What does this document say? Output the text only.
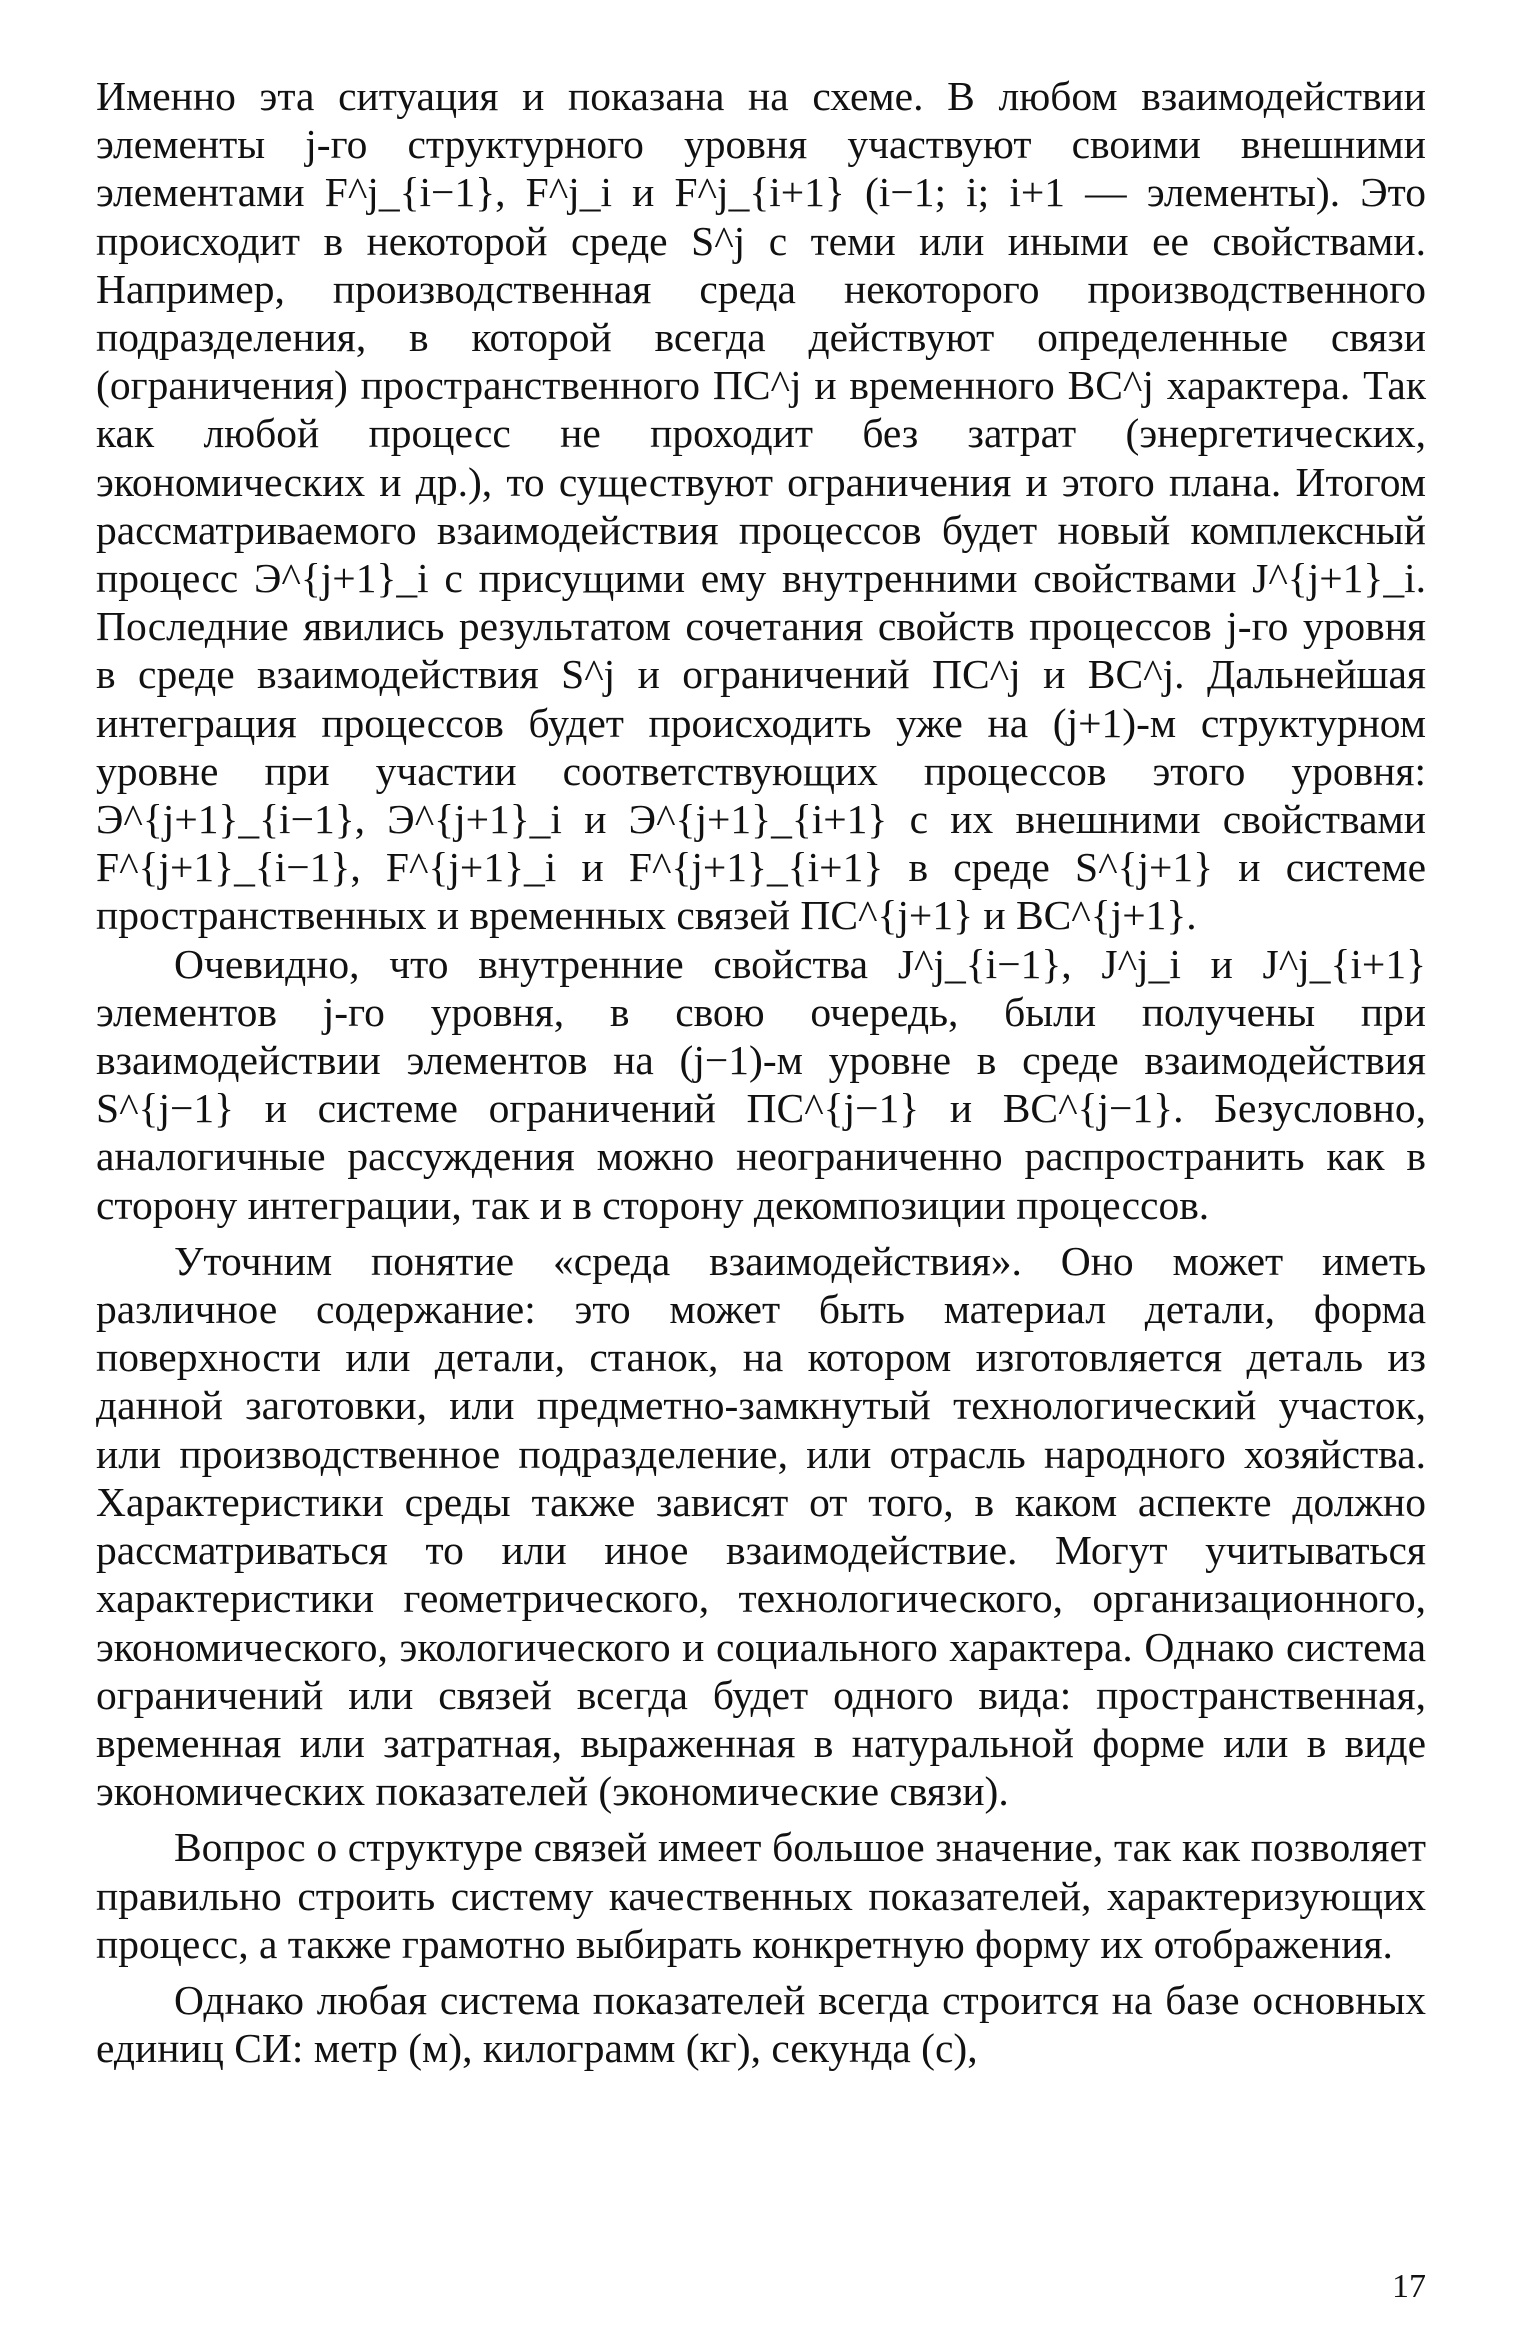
Именно эта ситуация и показана на схеме. В любом взаимодействии элементы j-го структурного уровня участвуют своими внешними элементами F^j_{i−1}, F^j_i и F^j_{i+1} (i−1; i; i+1 — элементы). Это происходит в некоторой среде S^j с теми или иными ее свойствами. Например, производственная среда некоторого производственного подразделения, в которой всегда действуют определенные связи (ограничения) пространственного ПС^j и временного ВС^j характера. Так как любой процесс не проходит без затрат (энергетических, экономических и др.), то существуют ограничения и этого плана. Итогом рассматриваемого взаимодействия процессов будет новый комплексный процесс Э^{j+1}_i с присущими ему внутренними свойствами J^{j+1}_i. Последние явились результатом сочетания свойств процессов j-го уровня в среде взаимодействия S^j и ограничений ПС^j и ВС^j. Дальнейшая интеграция процессов будет происходить уже на (j+1)-м структурном уровне при участии соответствующих процессов этого уровня: Э^{j+1}_{i−1}, Э^{j+1}_i и Э^{j+1}_{i+1} с их внешними свойствами F^{j+1}_{i−1}, F^{j+1}_i и F^{j+1}_{i+1} в среде S^{j+1} и системе пространственных и временных связей ПС^{j+1} и ВС^{j+1}.

Очевидно, что внутренние свойства J^j_{i−1}, J^j_i и J^j_{i+1} элементов j-го уровня, в свою очередь, были получены при взаимодействии элементов на (j−1)-м уровне в среде взаимодействия S^{j−1} и системе ограничений ПС^{j−1} и ВС^{j−1}. Безусловно, аналогичные рассуждения можно неограниченно распространить как в сторону интеграции, так и в сторону декомпозиции процессов.

Уточним понятие «среда взаимодействия». Оно может иметь различное содержание: это может быть материал детали, форма поверхности или детали, станок, на котором изготовляется деталь из данной заготовки, или предметно-замкнутый технологический участок, или производственное подразделение, или отрасль народного хозяйства. Характеристики среды также зависят от того, в каком аспекте должно рассматриваться то или иное взаимодействие. Могут учитываться характеристики геометрического, технологического, организационного, экономического, экологического и социального характера. Однако система ограничений или связей всегда будет одного вида: пространственная, временная или затратная, выраженная в натуральной форме или в виде экономических показателей (экономические связи).

Вопрос о структуре связей имеет большое значение, так как позволяет правильно строить систему качественных показателей, характеризующих процесс, а также грамотно выбирать конкретную форму их отображения.

Однако любая система показателей всегда строится на базе основных единиц СИ: метр (м), килограмм (кг), секунда (с),

17
